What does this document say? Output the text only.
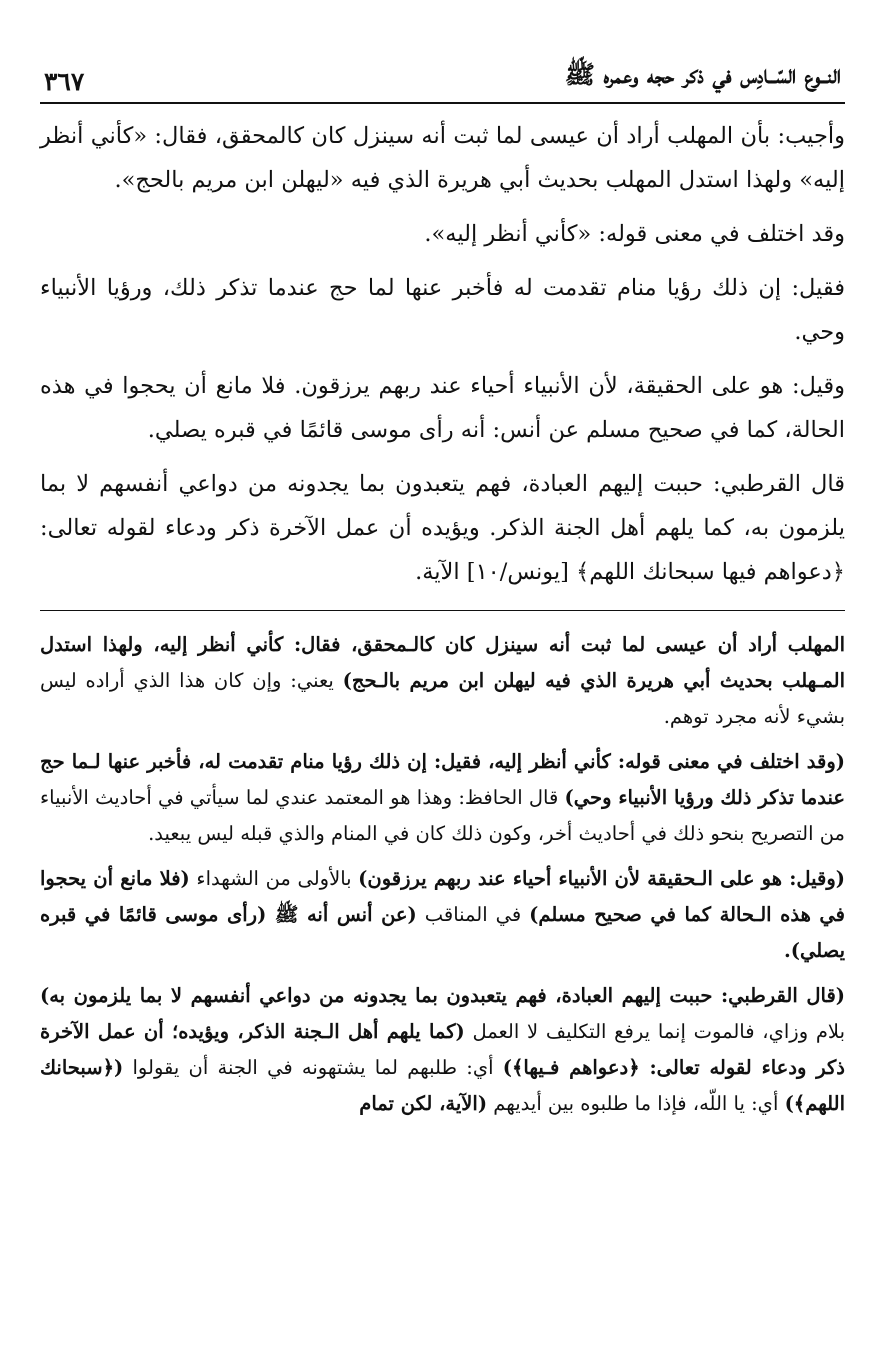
النــوع السّــادِس في ذكر حجه وعمره ﷺ
٣٦٧

وأجيب: بأن المهلب أراد أن عيسى لما ثبت أنه سينزل كان كالمحقق، فقال: «كأني أنظر إليه» ولهذا استدل المهلب بحديث أبي هريرة الذي فيه «ليهلن ابن مريم بالحج».

وقد اختلف في معنى قوله: «كأني أنظر إليه».

فقيل: إن ذلك رؤيا منام تقدمت له فأخبر عنها لما حج عندما تذكر ذلك، ورؤيا الأنبياء وحي.

وقيل: هو على الحقيقة، لأن الأنبياء أحياء عند ربهم يرزقون. فلا مانع أن يحجوا في هذه الحالة، كما في صحيح مسلم عن أنس: أنه رأى موسى قائمًا في قبره يصلي.

قال القرطبي: حببت إليهم العبادة، فهم يتعبدون بما يجدونه من دواعي أنفسهم لا بما يلزمون به، كما يلهم أهل الجنة الذكر. ويؤيده أن عمل الآخرة ذكر ودعاء لقوله تعالى: ﴿دعواهم فيها سبحانك اللهم﴾ [يونس/١٠] الآية.

المهلب أراد أن عيسى لما ثبت أنه سينزل كان كالـمحقق، فقال: كأني أنظر إليه، ولهذا استدل المـهلب بحديث أبي هريرة الذي فيه ليهلن ابن مريم بالـحج) يعني: وإن كان هذا الذي أراده ليس بشيء لأنه مجرد توهم.

(وقد اختلف في معنى قوله: كأني أنظر إليه، فقيل: إن ذلك رؤيا منام تقدمت له، فأخبر عنها لـما حج عندما تذكر ذلك ورؤيا الأنبياء وحي) قال الحافظ: وهذا هو المعتمد عندي لما سيأتي في أحاديث الأنبياء من التصريح بنحو ذلك في أحاديث أخر، وكون ذلك كان في المنام والذي قبله ليس يبعيد.

(وقيل: هو على الـحقيقة لأن الأنبياء أحياء عند ربهم يرزقون) بالأولى من الشهداء (فلا مانع أن يحجوا في هذه الـحالة كما في صحيح مسلم) في المناقب (عن أنس أنه ﷺ (رأى موسى قائمًا في قبره يصلي).

(قال القرطبي: حببت إليهم العبادة، فهم يتعبدون بما يجدونه من دواعي أنفسهم لا بما يلزمون به) بلام وزاي، فالموت إنما يرفع التكليف لا العمل (كما يلهم أهل الـجنة الذكر، ويؤيده؛ أن عمل الآخرة ذكر ودعاء لقوله تعالى: ﴿دعواهم فـيها﴾) أي: طلبهم لما يشتهونه في الجنة أن يقولوا (﴿سبحانك اللهم﴾) أي: يا اللّه، فإذا ما طلبوه بين أيديهم (الآية، لكن تمام
